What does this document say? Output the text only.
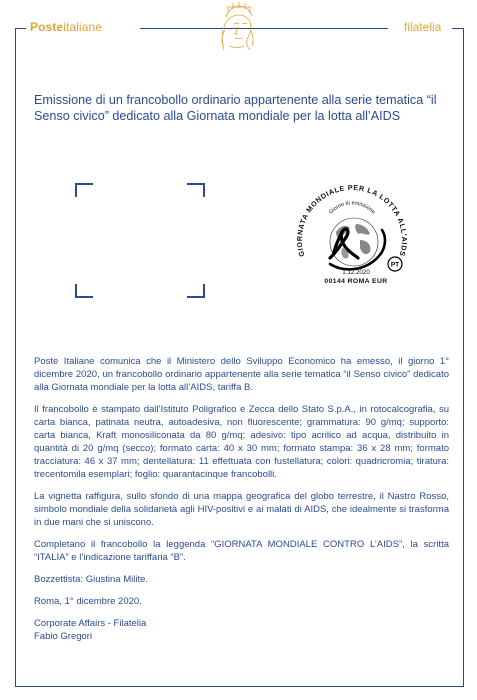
Posteitaliane	filatelia
Emissione di un francobollo ordinario appartenente alla serie tematica “il Senso civico” dedicato alla Giornata mondiale per la lotta all’AIDS
GIORNATA MONDIALE PER LA LOTTA ALL'AIDS
Giorno di emissione
PT
1.12.2020
00144 ROMA EUR

Poste Italiane comunica che il Ministero dello Sviluppo Economico ha emesso, il giorno 1° dicembre 2020, un francobollo ordinario appartenente alla serie tematica “il Senso civico” dedicato alla Giornata mondiale per la lotta all’AIDS, tariffa B.

Il francobollo è stampato dall’Istituto Poligrafico e Zecca dello Stato S.p.A., in rotocalcografia, su carta bianca, patinata neutra, autoadesiva, non fluorescente; grammatura: 90 g/mq; supporto: carta bianca, Kraft monosiliconata da 80 g/mq; adesivo: tipo acrilico ad acqua, distribuito in quantità di 20 g/mq (secco); formato carta: 40 x 30 mm; formato stampa: 36 x 28 mm; formato tracciatura: 46 x 37 mm; dentellatura: 11 effettuata con fustellatura; colori: quadricromia; tiratura: trecentomila esemplari; foglio: quarantacinque francobolli.

La vignetta raffigura, sullo sfondo di una mappa geografica del globo terrestre, il Nastro Rosso, simbolo mondiale della solidarietà agli HIV-positivi e ai malati di AIDS, che idealmente si trasforma in due mani che si uniscono.

Completano il francobollo la leggenda “GIORNATA MONDIALE CONTRO L’AIDS”, la scritta “ITALIA” e l’indicazione tariffaria “B”.

Bozzettista: Giustina Milite.

Roma, 1° dicembre 2020.

Corporate Affairs - Filatelia

Fabio Gregori
